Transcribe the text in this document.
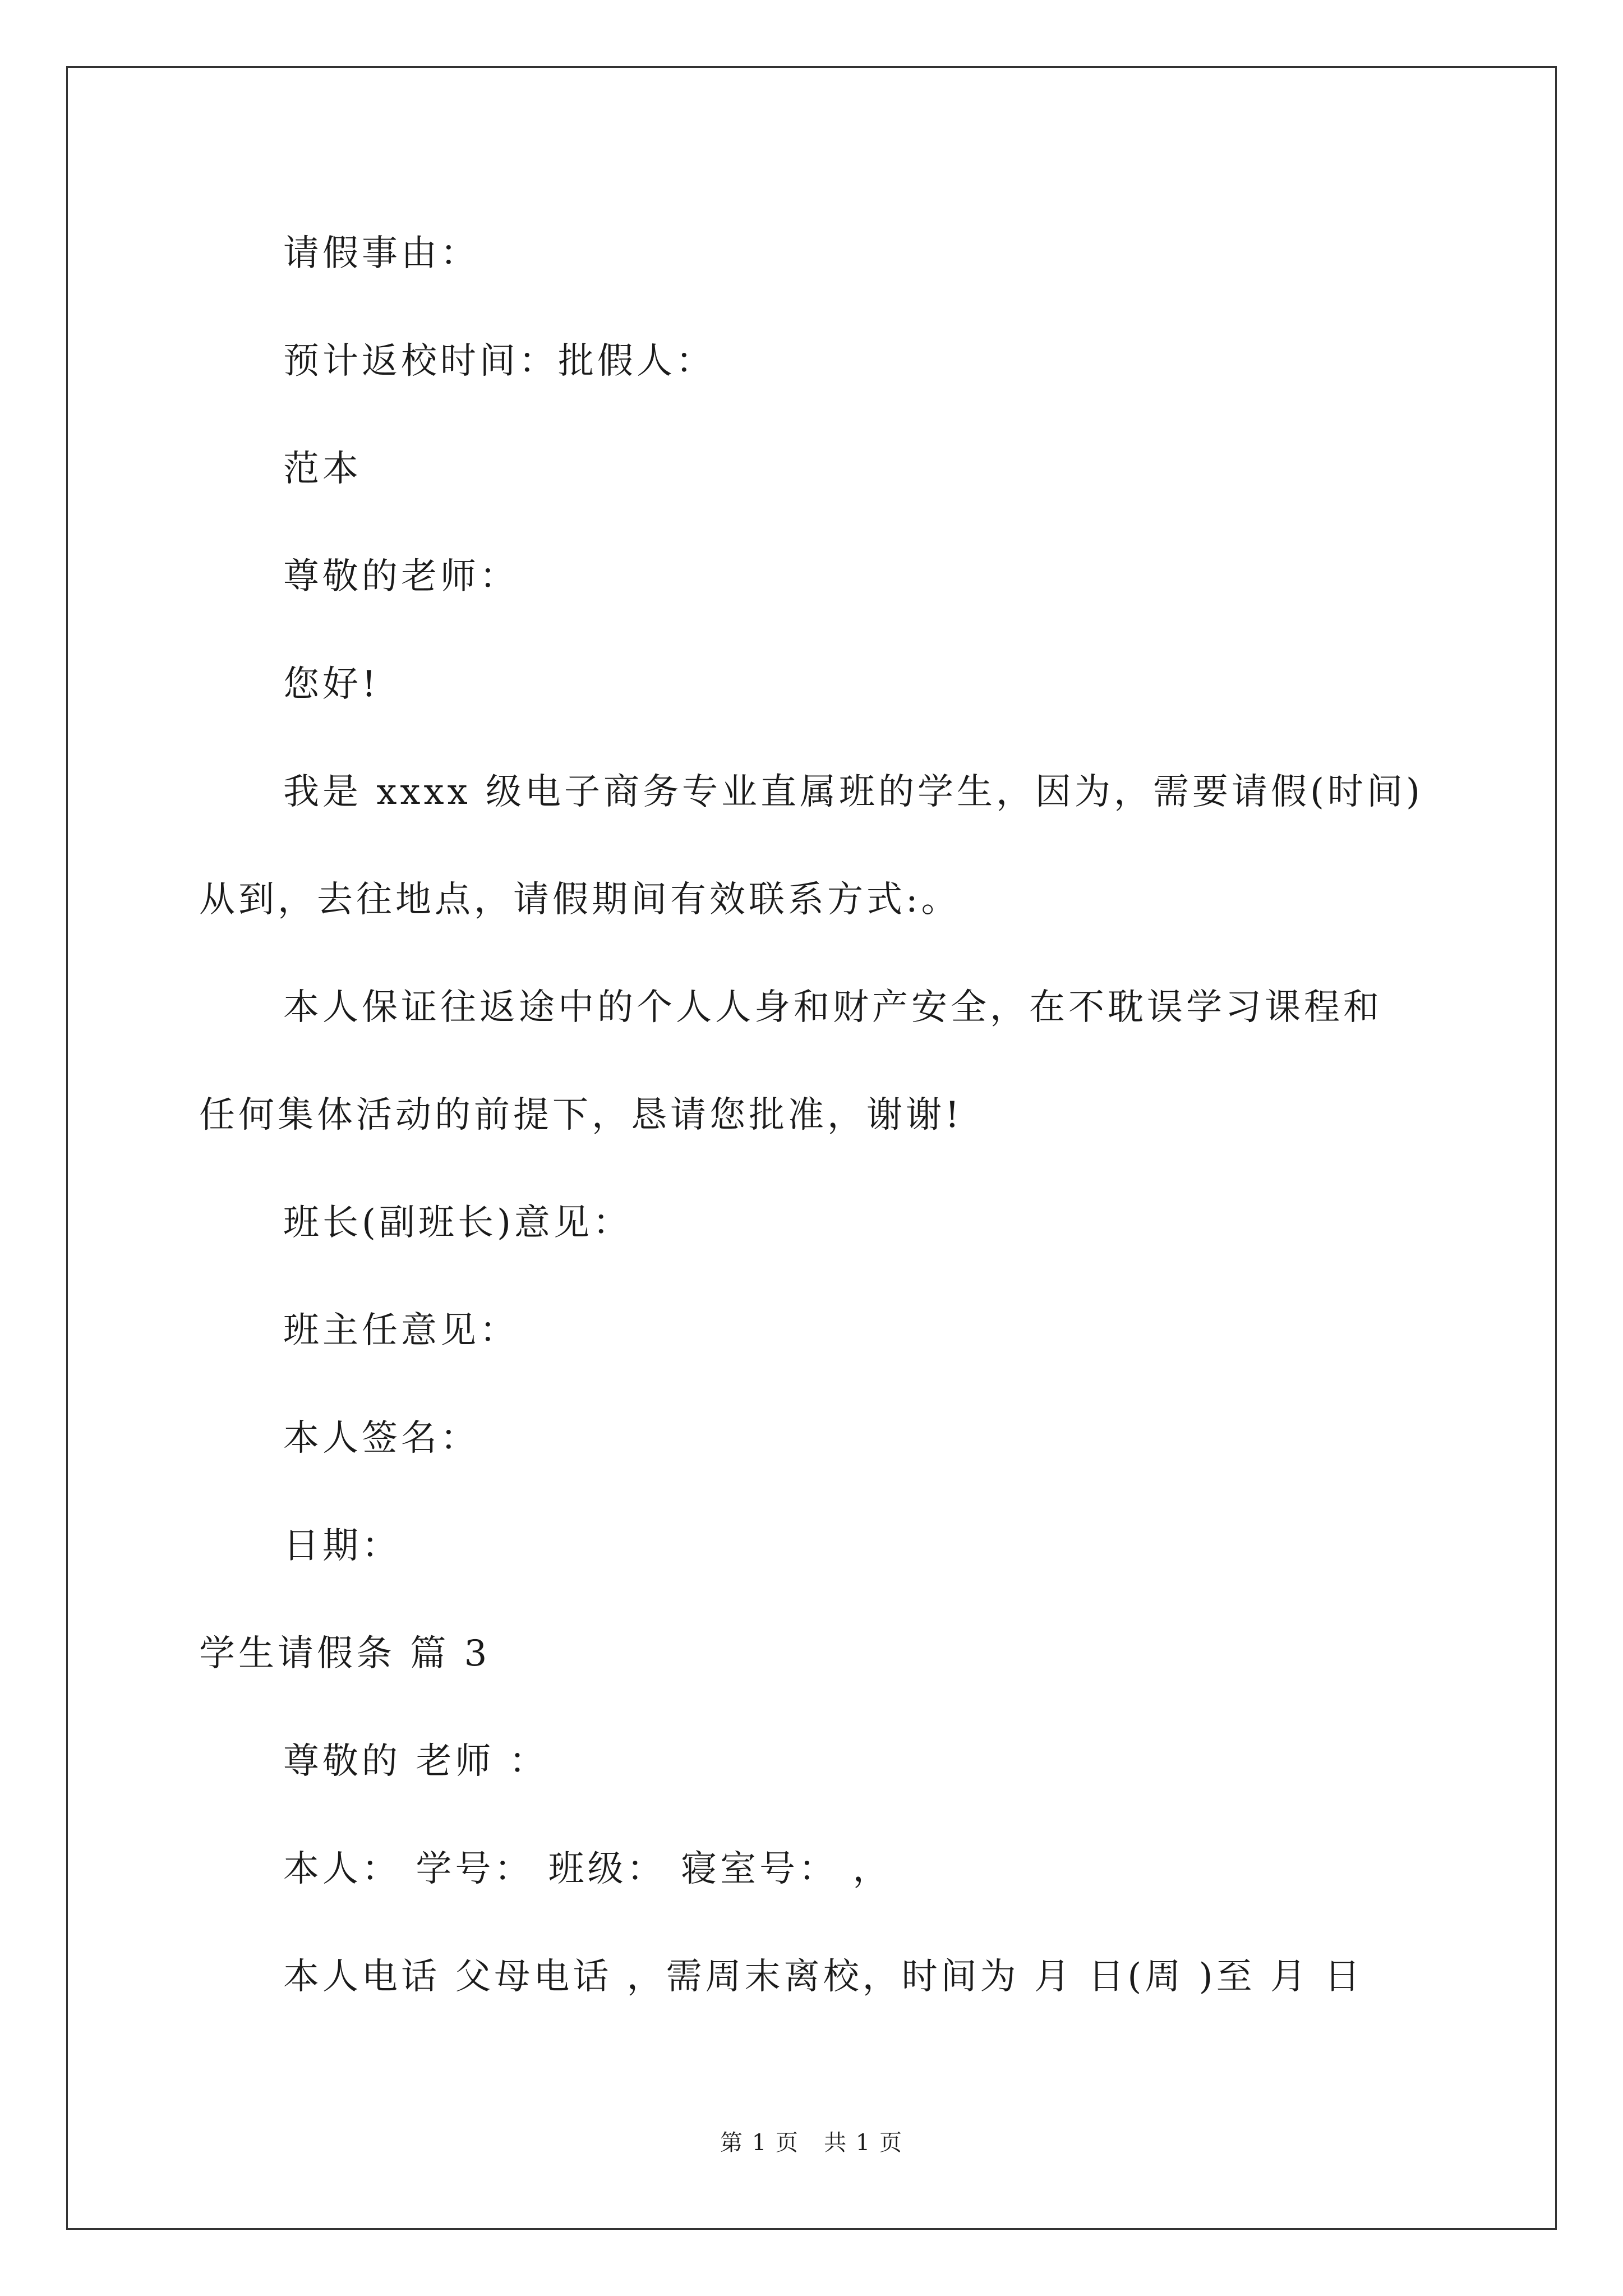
请假事由：
预计返校时间：批假人：
范本
尊敬的老师：
您好!
我是 xxxx 级电子商务专业直属班的学生，因为，需要请假(时间)
从到，去往地点，请假期间有效联系方式:。
本人保证往返途中的个人人身和财产安全，在不耽误学习课程和
任何集体活动的前提下，恳请您批准，谢谢!
班长(副班长)意见：
班主任意见：
本人签名：
日期：
学生请假条 篇 3
尊敬的 老师 ：
本人： 学号： 班级： 寝室号： ，
本人电话 父母电话 ，需周末离校，时间为 月 日(周 )至 月 日
第 1 页   共 1 页
